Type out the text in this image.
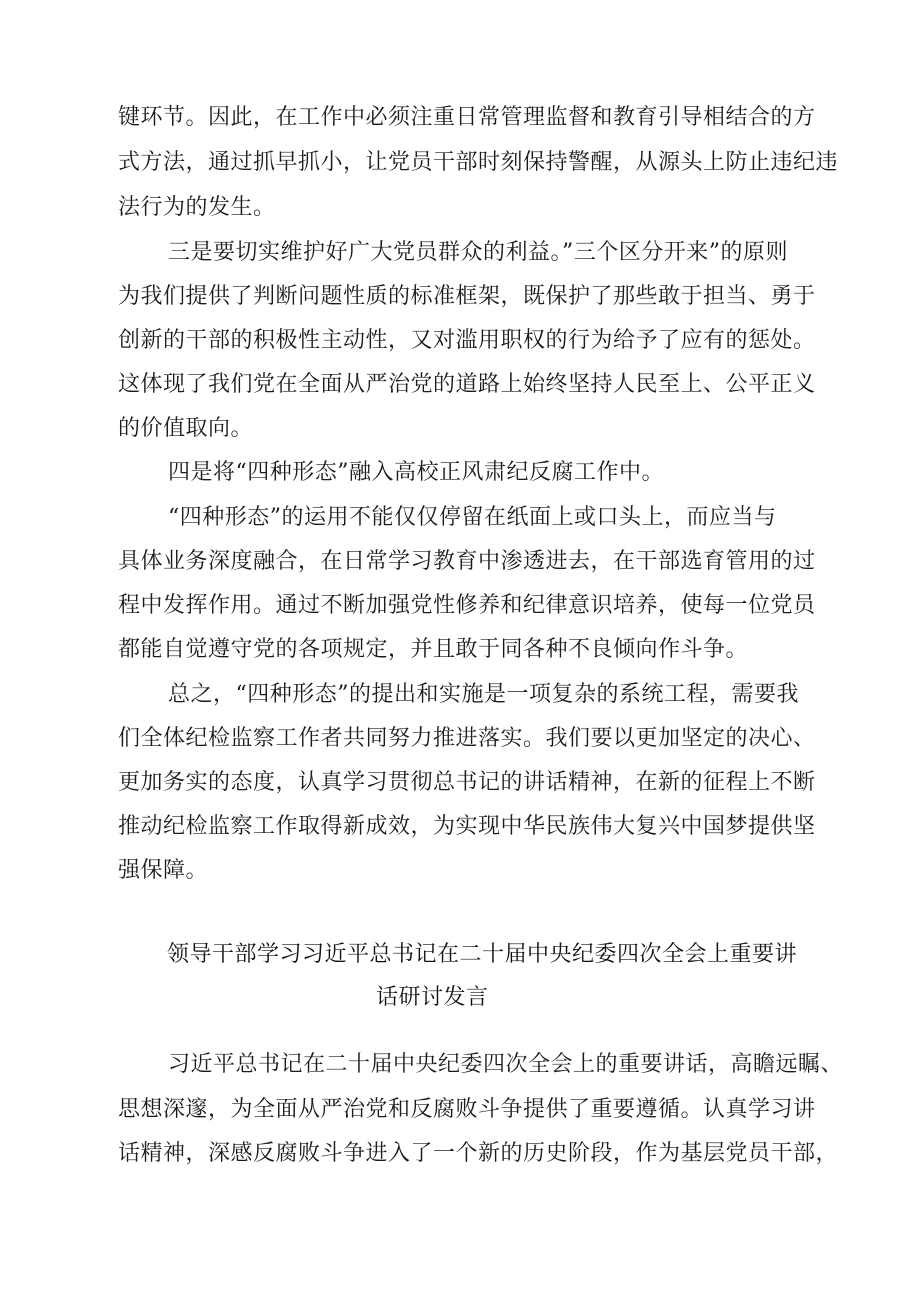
键环节。因此，在工作中必须注重日常管理监督和教育引导相结合的方
式方法，通过抓早抓小，让党员干部时刻保持警醒，从源头上防止违纪违
法行为的发生。
三是要切实维护好广大党员群众的利益。”三个区分开来”的原则
为我们提供了判断问题性质的标准框架，既保护了那些敢于担当、勇于
创新的干部的积极性主动性，又对滥用职权的行为给予了应有的惩处。
这体现了我们党在全面从严治党的道路上始终坚持人民至上、公平正义
的价值取向。
四是将“四种形态”融入高校正风肃纪反腐工作中。
“四种形态”的运用不能仅仅停留在纸面上或口头上，而应当与
具体业务深度融合，在日常学习教育中渗透进去，在干部选育管用的过
程中发挥作用。通过不断加强党性修养和纪律意识培养，使每一位党员
都能自觉遵守党的各项规定，并且敢于同各种不良倾向作斗争。
总之，“四种形态”的提出和实施是一项复杂的系统工程，需要我
们全体纪检监察工作者共同努力推进落实。我们要以更加坚定的决心、
更加务实的态度，认真学习贯彻总书记的讲话精神，在新的征程上不断
推动纪检监察工作取得新成效，为实现中华民族伟大复兴中国梦提供坚
强保障。
领导干部学习习近平总书记在二十届中央纪委四次全会上重要讲
话研讨发言
习近平总书记在二十届中央纪委四次全会上的重要讲话，高瞻远瞩、
思想深邃，为全面从严治党和反腐败斗争提供了重要遵循。认真学习讲
话精神，深感反腐败斗争进入了一个新的历史阶段，作为基层党员干部，
